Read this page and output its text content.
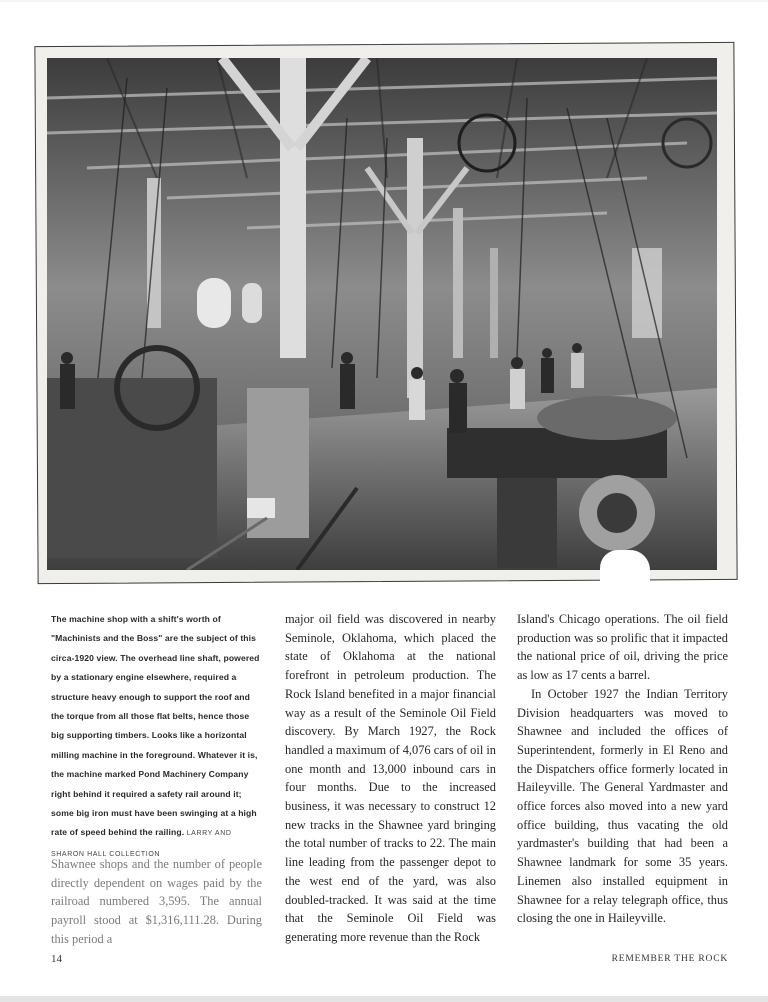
The machine shop with a shift's worth of "Machinists and the Boss" are the subject of this circa-1920 view. The overhead line shaft, powered by a stationary engine elsewhere, required a structure heavy enough to support the roof and the torque from all those flat belts, hence those big supporting timbers. Looks like a horizontal milling machine in the foreground. Whatever it is, the machine marked Pond Machinery Company right behind it required a safety rail around it; some big iron must have been swinging at a high rate of speed behind the railing. LARRY AND SHARON HALL COLLECTION

Shawnee shops and the number of people directly dependent on wages paid by the railroad numbered 3,595. The annual payroll stood at $1,316,111.28. During this period a

major oil field was discovered in nearby Seminole, Oklahoma, which placed the state of Oklahoma at the national forefront in petroleum production. The Rock Island benefited in a major financial way as a result of the Seminole Oil Field discovery. By March 1927, the Rock handled a maximum of 4,076 cars of oil in one month and 13,000 inbound cars in four months. Due to the increased business, it was necessary to construct 12 new tracks in the Shawnee yard bringing the total number of tracks to 22. The main line leading from the passenger depot to the west end of the yard, was also doubled-tracked. It was said at the time that the Seminole Oil Field was generating more revenue than the Rock

Island's Chicago operations. The oil field production was so prolific that it impacted the national price of oil, driving the price as low as 17 cents a barrel.

In October 1927 the Indian Territory Division headquarters was moved to Shawnee and included the offices of Superintendent, formerly in El Reno and the Dispatchers office formerly located in Haileyville. The General Yardmaster and office forces also moved into a new yard office building, thus vacating the old yardmaster's building that had been a Shawnee landmark for some 35 years. Linemen also installed equipment in Shawnee for a relay telegraph office, thus closing the one in Haileyville.

14	REMEMBER THE ROCK
